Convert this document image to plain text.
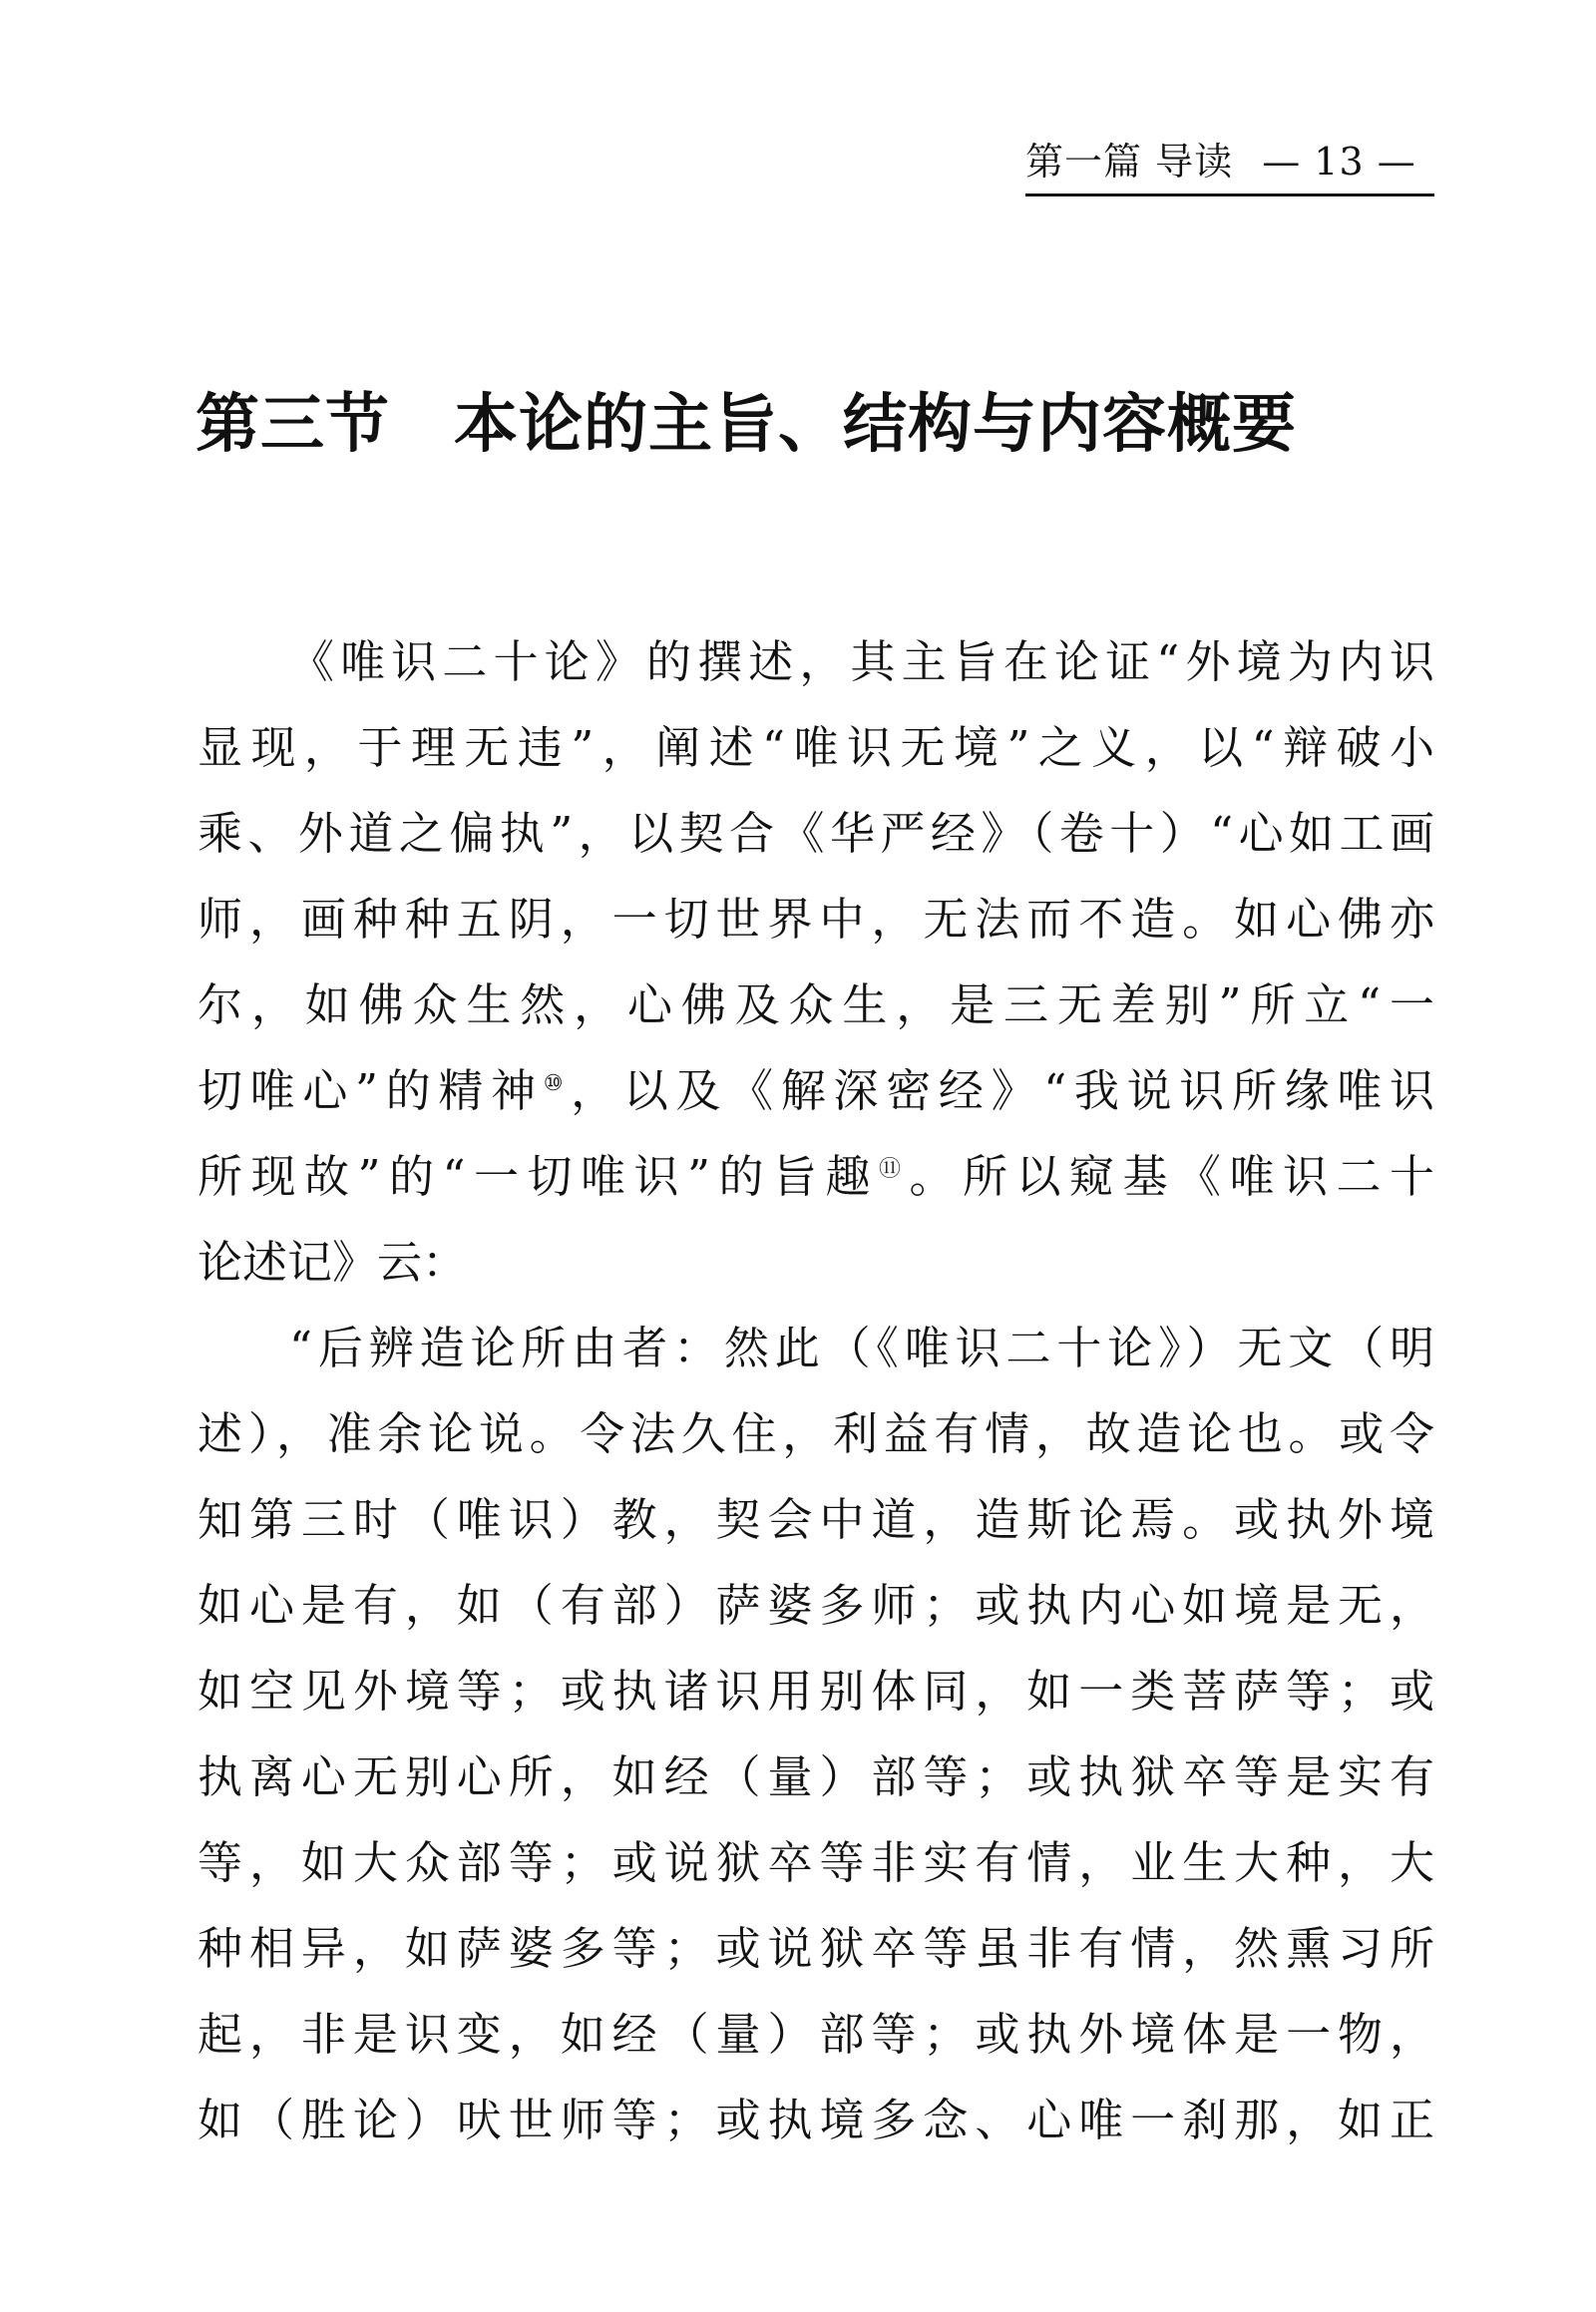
第一篇 导读 — 13 —
第三节 本论的主旨、结构与内容概要
《唯识二十论》的撰述，其主旨在论证“外境为内识
显现，于理无违”，阐述“唯识无境”之义，以“辩破小
乘、外道之偏执”，以契合《华严经》（卷十）“心如工画
师，画种种五阴，一切世界中，无法而不造。如心佛亦
尔，如佛众生然，心佛及众生，是三无差别”所立“一
切唯心”的精神⑩，以及《解深密经》“我说识所缘唯识
所现故”的“一切唯识”的旨趣⑪。所以窥基《唯识二十
论述记》云：
“后辨造论所由者：然此（《唯识二十论》）无文（明
述），准余论说。令法久住，利益有情，故造论也。或令
知第三时（唯识）教，契会中道，造斯论焉。或执外境
如心是有，如（有部）萨婆多师；或执内心如境是无，
如空见外境等；或执诸识用别体同，如一类菩萨等；或
执离心无别心所，如经（量）部等；或执狱卒等是实有
等，如大众部等；或说狱卒等非实有情，业生大种，大
种相异，如萨婆多等；或说狱卒等虽非有情，然熏习所
起，非是识变，如经（量）部等；或执外境体是一物，
如（胜论）吠世师等；或执境多念、心唯一刹那，如正
